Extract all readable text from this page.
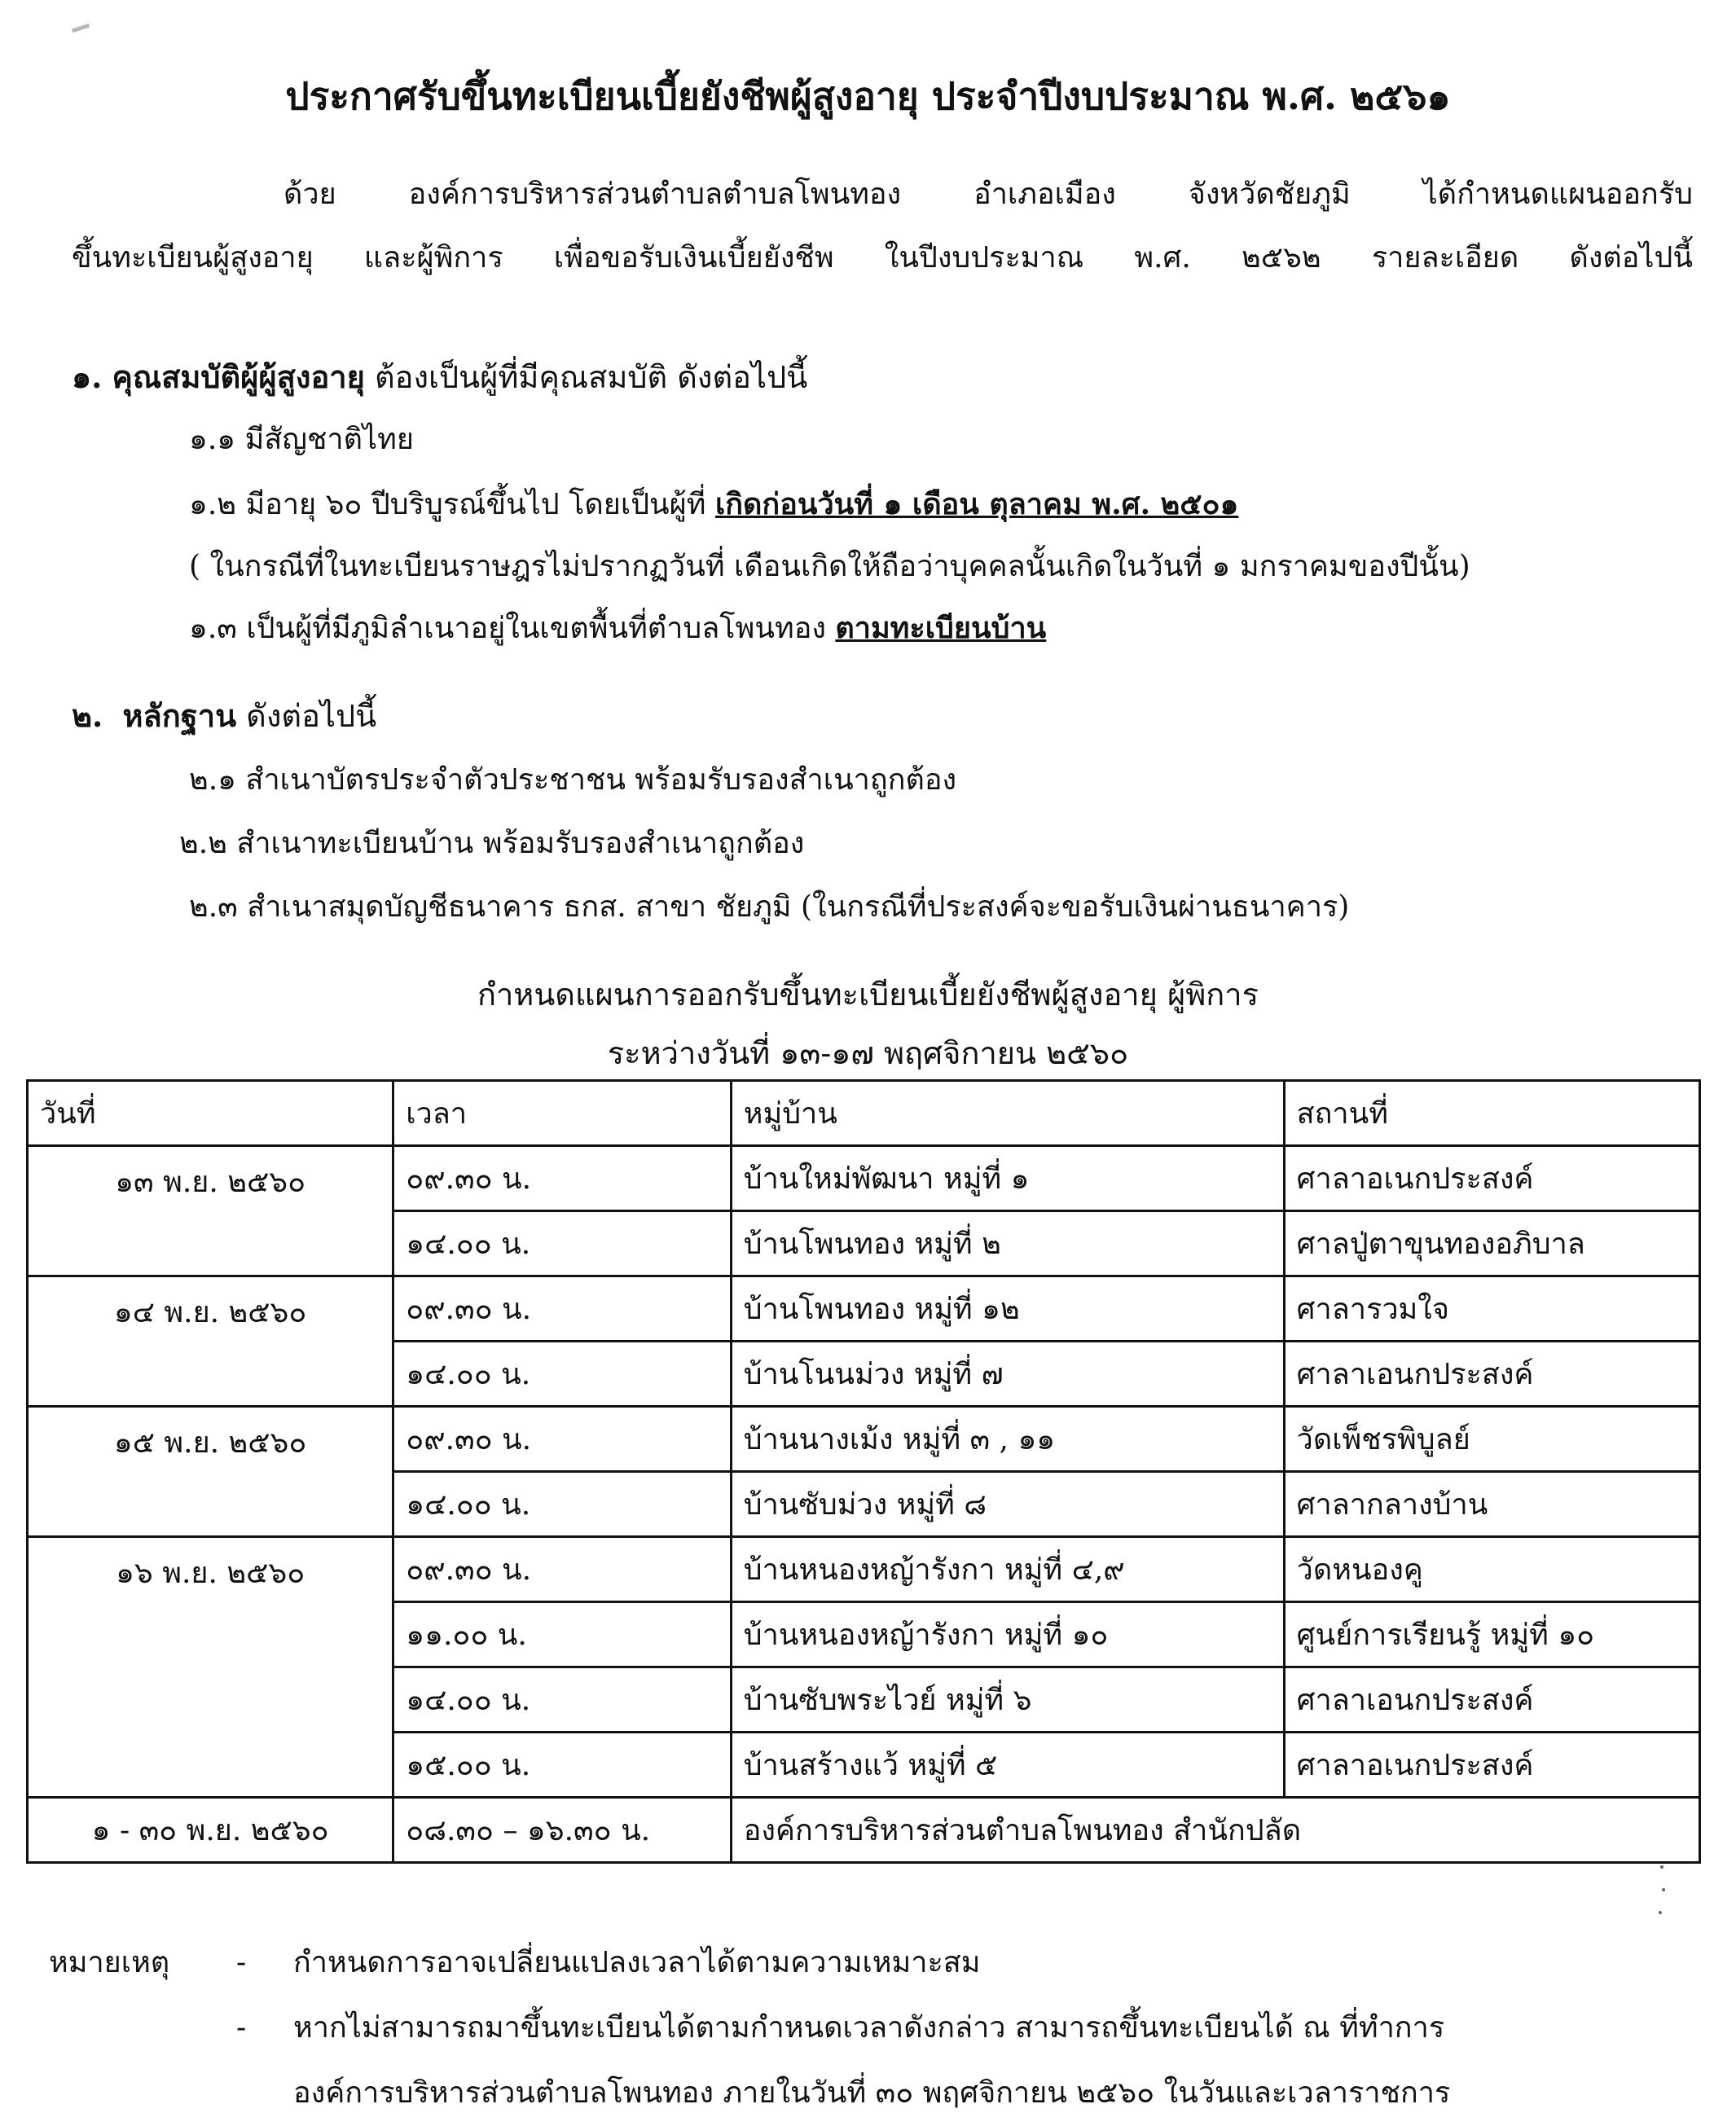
ประกาศรับขึ้นทะเบียนเบี้ยยังชีพผู้สูงอายุ ประจำปีงบประมาณ พ.ศ. ๒๕๖๑
ด้วย องค์การบริหารส่วนตำบลตำบลโพนทอง อำเภอเมือง จังหวัดชัยภูมิ ได้กำหนดแผนออกรับ
ขึ้นทะเบียนผู้สูงอายุ และผู้พิการ เพื่อขอรับเงินเบี้ยยังชีพ ในปีงบประมาณ พ.ศ. ๒๕๖๒ รายละเอียด ดังต่อไปนี้
๑. คุณสมบัติผู้ผู้สูงอายุ ต้องเป็นผู้ที่มีคุณสมบัติ ดังต่อไปนี้
๑.๑ มีสัญชาติไทย
๑.๒ มีอายุ ๖๐ ปีบริบูรณ์ขึ้นไป โดยเป็นผู้ที่ เกิดก่อนวันที่ ๑ เดือน ตุลาคม พ.ศ. ๒๕๐๑
( ในกรณีที่ในทะเบียนราษฎรไม่ปรากฏวันที่ เดือนเกิดให้ถือว่าบุคคลนั้นเกิดในวันที่ ๑ มกราคมของปีนั้น)
๑.๓ เป็นผู้ที่มีภูมิลำเนาอยู่ในเขตพื้นที่ตำบลโพนทอง ตามทะเบียนบ้าน
๒. หลักฐาน ดังต่อไปนี้
๒.๑ สำเนาบัตรประจำตัวประชาชน พร้อมรับรองสำเนาถูกต้อง
๒.๒ สำเนาทะเบียนบ้าน พร้อมรับรองสำเนาถูกต้อง
๒.๓ สำเนาสมุดบัญชีธนาคาร ธกส. สาขา ชัยภูมิ (ในกรณีที่ประสงค์จะขอรับเงินผ่านธนาคาร)
กำหนดแผนการออกรับขึ้นทะเบียนเบี้ยยังชีพผู้สูงอายุ ผู้พิการ
ระหว่างวันที่ ๑๓-๑๗ พฤศจิกายน ๒๕๖๐
วันที่	เวลา	หมู่บ้าน	สถานที่
๑๓ พ.ย. ๒๕๖๐	๐๙.๓๐ น.	บ้านใหม่พัฒนา หมู่ที่ ๑	ศาลาอเนกประสงค์
	๑๔.๐๐ น.	บ้านโพนทอง หมู่ที่ ๒	ศาลปู่ตาขุนทองอภิบาล
๑๔ พ.ย. ๒๕๖๐	๐๙.๓๐ น.	บ้านโพนทอง หมู่ที่ ๑๒	ศาลารวมใจ
	๑๔.๐๐ น.	บ้านโนนม่วง หมู่ที่ ๗	ศาลาเอนกประสงค์
๑๕ พ.ย. ๒๕๖๐	๐๙.๓๐ น.	บ้านนางเม้ง หมู่ที่ ๓ , ๑๑	วัดเพ็ชรพิบูลย์
	๑๔.๐๐ น.	บ้านซับม่วง หมู่ที่ ๘	ศาลากลางบ้าน
๑๖ พ.ย. ๒๕๖๐	๐๙.๓๐ น.	บ้านหนองหญ้ารังกา หมู่ที่ ๔,๙	วัดหนองคู
	๑๑.๐๐ น.	บ้านหนองหญ้ารังกา หมู่ที่ ๑๐	ศูนย์การเรียนรู้ หมู่ที่ ๑๐
	๑๔.๐๐ น.	บ้านซับพระไวย์ หมู่ที่ ๖	ศาลาเอนกประสงค์
	๑๕.๐๐ น.	บ้านสร้างแว้ หมู่ที่ ๕	ศาลาอเนกประสงค์
๑ - ๓๐ พ.ย. ๒๕๖๐	๐๘.๓๐ – ๑๖.๓๐ น.	องค์การบริหารส่วนตำบลโพนทอง สำนักปลัด	
หมายเหตุ - กำหนดการอาจเปลี่ยนแปลงเวลาได้ตามความเหมาะสม
- หากไม่สามารถมาขึ้นทะเบียนได้ตามกำหนดเวลาดังกล่าว สามารถขึ้นทะเบียนได้ ณ ที่ทำการ
องค์การบริหารส่วนตำบลโพนทอง ภายในวันที่ ๓๐ พฤศจิกายน ๒๕๖๐ ในวันและเวลาราชการ
